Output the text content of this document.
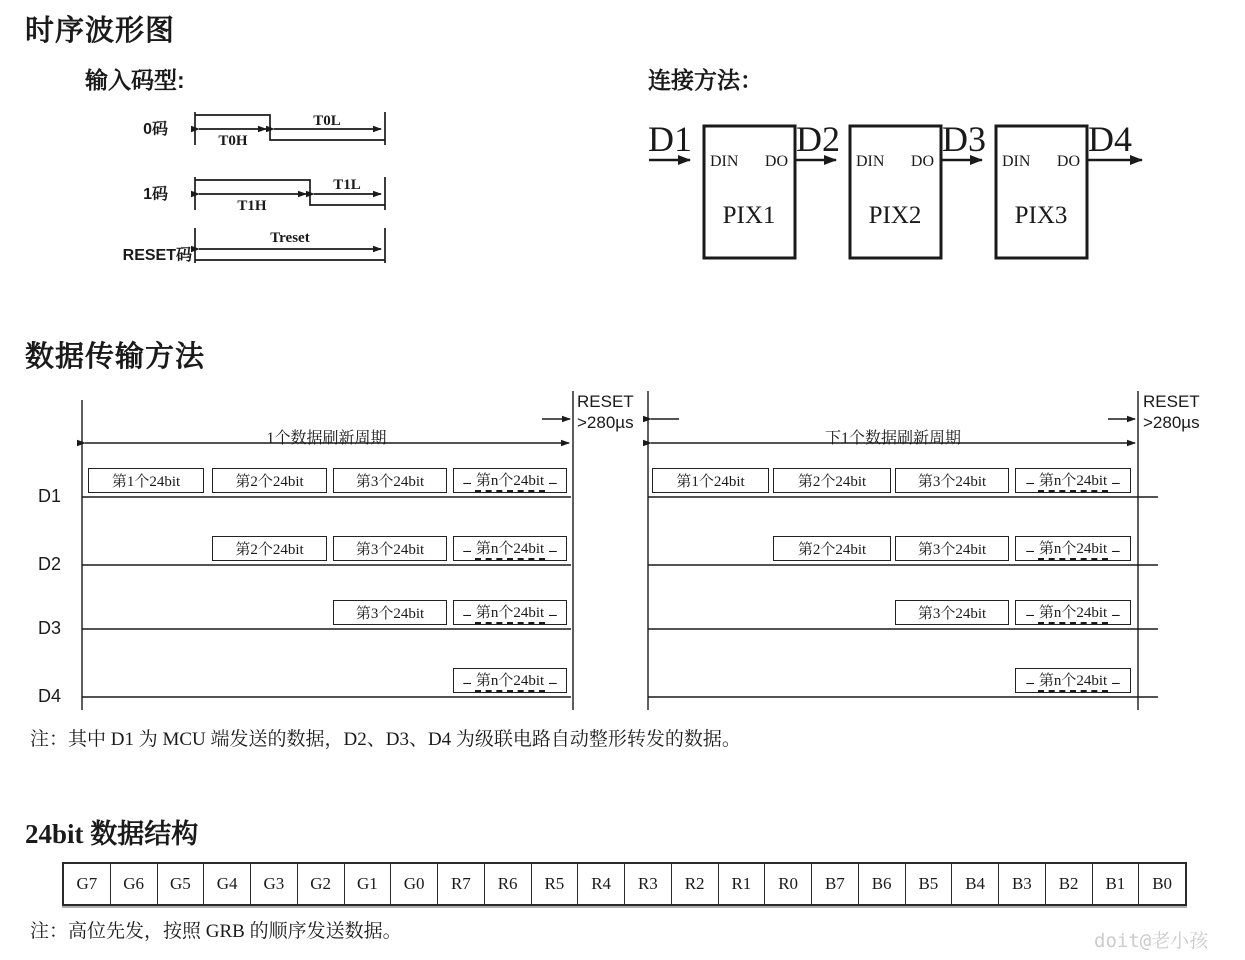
时序波形图
输入码型:
0码
1码
RESET码
T0H
T0L
T1H
T1L
Treset
连接方法：
D1	D2	D3	D4
DIN DO	DIN DO	DIN DO
PIX1	PIX2	PIX3
数据传输方法
RESET
>280µs
RESET
>280µs
1个数据刷新周期	下1个数据刷新周期
D1
D2
D3
D4
第1个24bit	第2个24bit	第3个24bit	_ 第n个24bit _	第1个24bit	第2个24bit	第3个24bit	_ 第n个24bit _
第2个24bit	第3个24bit	_ 第n个24bit _	第2个24bit	第3个24bit	_ 第n个24bit _
第3个24bit	_ 第n个24bit _	第3个24bit	_ 第n个24bit _
_ 第n个24bit _	_ 第n个24bit _
注：其中 D1 为 MCU 端发送的数据，D2、D3、D4 为级联电路自动整形转发的数据。
24bit 数据结构
G7	G6	G5	G4	G3	G2	G1	G0	R7	R6	R5	R4	R3	R2	R1	R0	B7	B6	B5	B4	B3	B2	B1	B0
注：高位先发，按照 GRB 的顺序发送数据。	doit@老小孩
